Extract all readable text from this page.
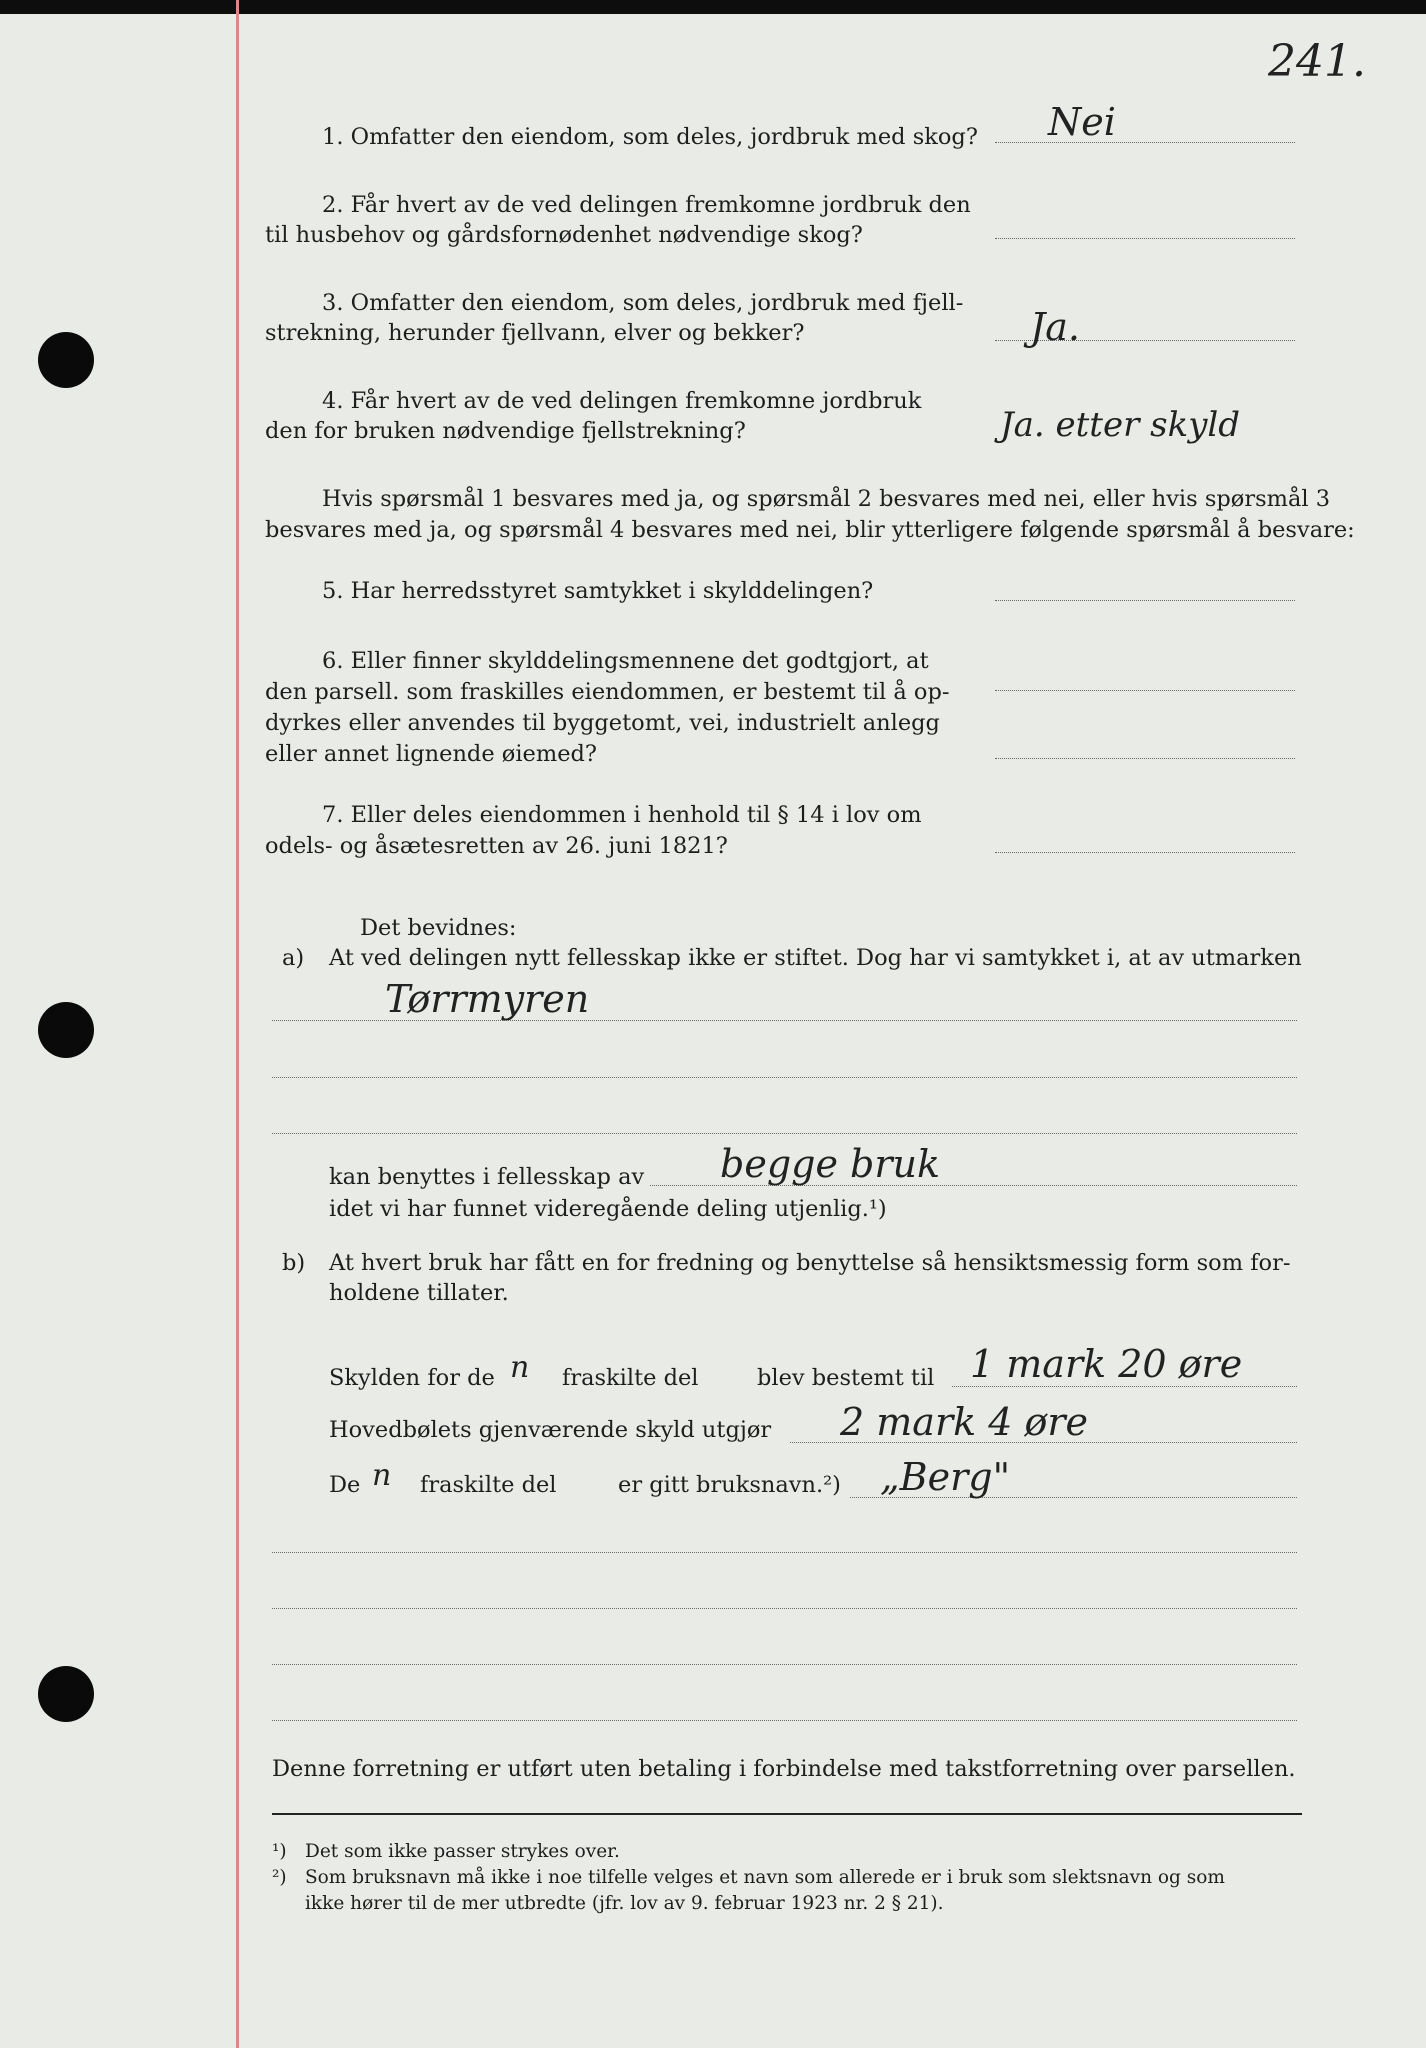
241.
1. Omfatter den eiendom, som deles, jordbruk med skog? Nei
2. Får hvert av de ved delingen fremkomne jordbruk den
til husbehov og gårdsfornødenhet nødvendige skog?
3. Omfatter den eiendom, som deles, jordbruk med fjell-
strekning, herunder fjellvann, elver og bekker?	Ja.
4. Får hvert av de ved delingen fremkomne jordbruk
den for bruken nødvendige fjellstrekning?	Ja. etter skyld
Hvis spørsmål 1 besvares med ja, og spørsmål 2 besvares med nei, eller hvis spørsmål 3
besvares med ja, og spørsmål 4 besvares med nei, blir ytterligere følgende spørsmål å besvare:
5. Har herredsstyret samtykket i skylddelingen?
6. Eller finner skylddelingsmennene det godtgjort, at
den parsell. som fraskilles eiendommen, er bestemt til å op-
dyrkes eller anvendes til byggetomt, vei, industrielt anlegg
eller annet lignende øiemed?
7. Eller deles eiendommen i henhold til § 14 i lov om
odels- og åsætesretten av 26. juni 1821?
Det bevidnes:
a) At ved delingen nytt fellesskap ikke er stiftet. Dog har vi samtykket i, at av utmarken
Tørrmyren
kan benyttes i fellesskap av begge bruk
idet vi har funnet videregående deling utjenlig.¹)
b) At hvert bruk har fått en for fredning og benyttelse så hensiktsmessig form som for-
holdene tillater.
Skylden for de n fraskilte del	blev bestemt til 1 mark 20 øre
Hovedbølets gjenværende skyld utgjør 2 mark 4 øre
De n fraskilte del	er gitt bruksnavn.²) „Berg"
Denne forretning er utført uten betaling i forbindelse med takstforretning over parsellen.
¹) Det som ikke passer strykes over.
²) Som bruksnavn må ikke i noe tilfelle velges et navn som allerede er i bruk som slektsnavn og som
ikke hører til de mer utbredte (jfr. lov av 9. februar 1923 nr. 2 § 21).
